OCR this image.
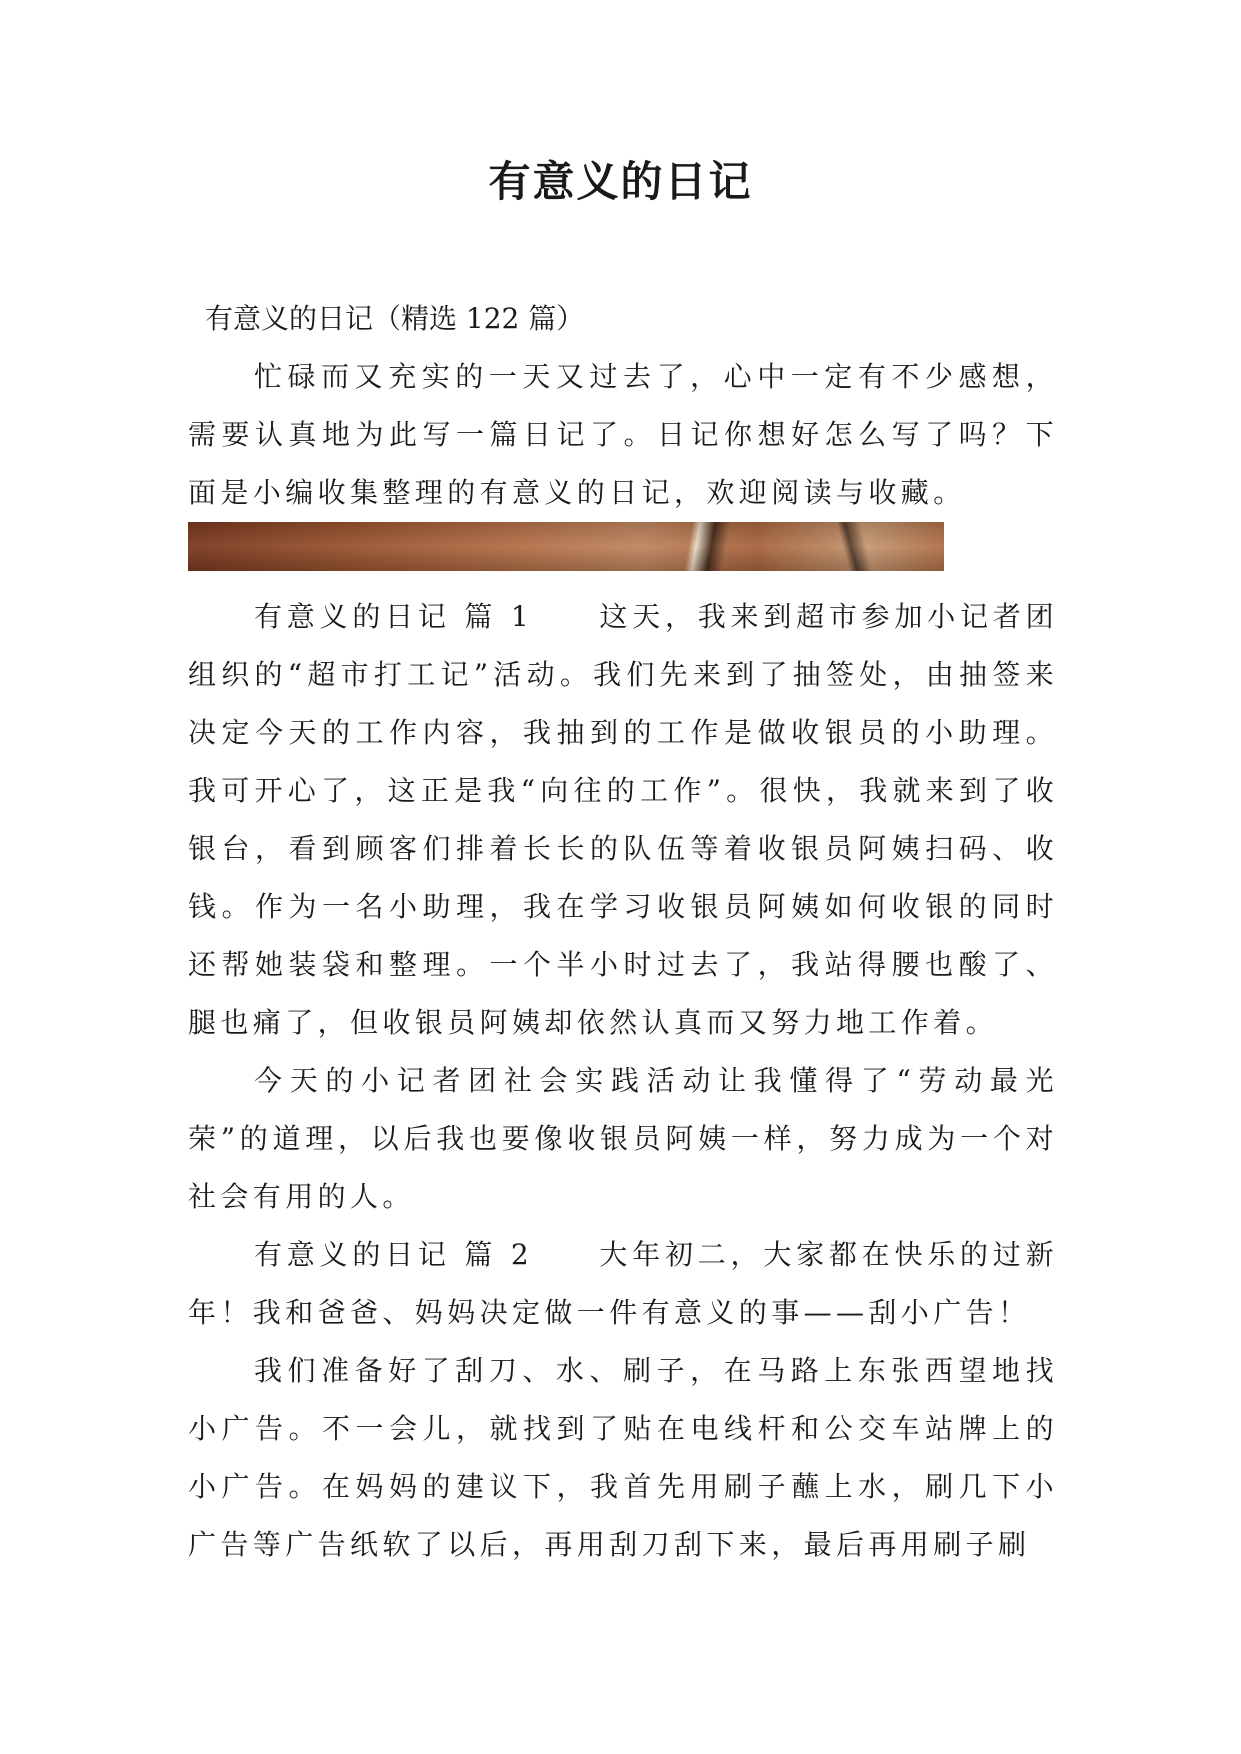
有意义的日记
有意义的日记（精选 122 篇）

忙碌而又充实的一天又过去了，心中一定有不少感想，需要认真地为此写一篇日记了。日记你想好怎么写了吗？下面是小编收集整理的有意义的日记，欢迎阅读与收藏。

有意义的日记 篇 1 这天，我来到超市参加小记者团组织的“超市打工记”活动。我们先来到了抽签处，由抽签来决定今天的工作内容，我抽到的工作是做收银员的小助理。我可开心了，这正是我“向往的工作”。很快，我就来到了收银台，看到顾客们排着长长的队伍等着收银员阿姨扫码、收钱。作为一名小助理，我在学习收银员阿姨如何收银的同时还帮她装袋和整理。一个半小时过去了，我站得腰也酸了、腿也痛了，但收银员阿姨却依然认真而又努力地工作着。

今天的小记者团社会实践活动让我懂得了“劳动最光荣”的道理，以后我也要像收银员阿姨一样，努力成为一个对社会有用的人。

有意义的日记 篇 2 大年初二，大家都在快乐的过新年！我和爸爸、妈妈决定做一件有意义的事——刮小广告！

我们准备好了刮刀、水、刷子，在马路上东张西望地找小广告。不一会儿，就找到了贴在电线杆和公交车站牌上的小广告。在妈妈的建议下，我首先用刷子蘸上水，刷几下小广告等广告纸软了以后，再用刮刀刮下来，最后再用刷子刷
